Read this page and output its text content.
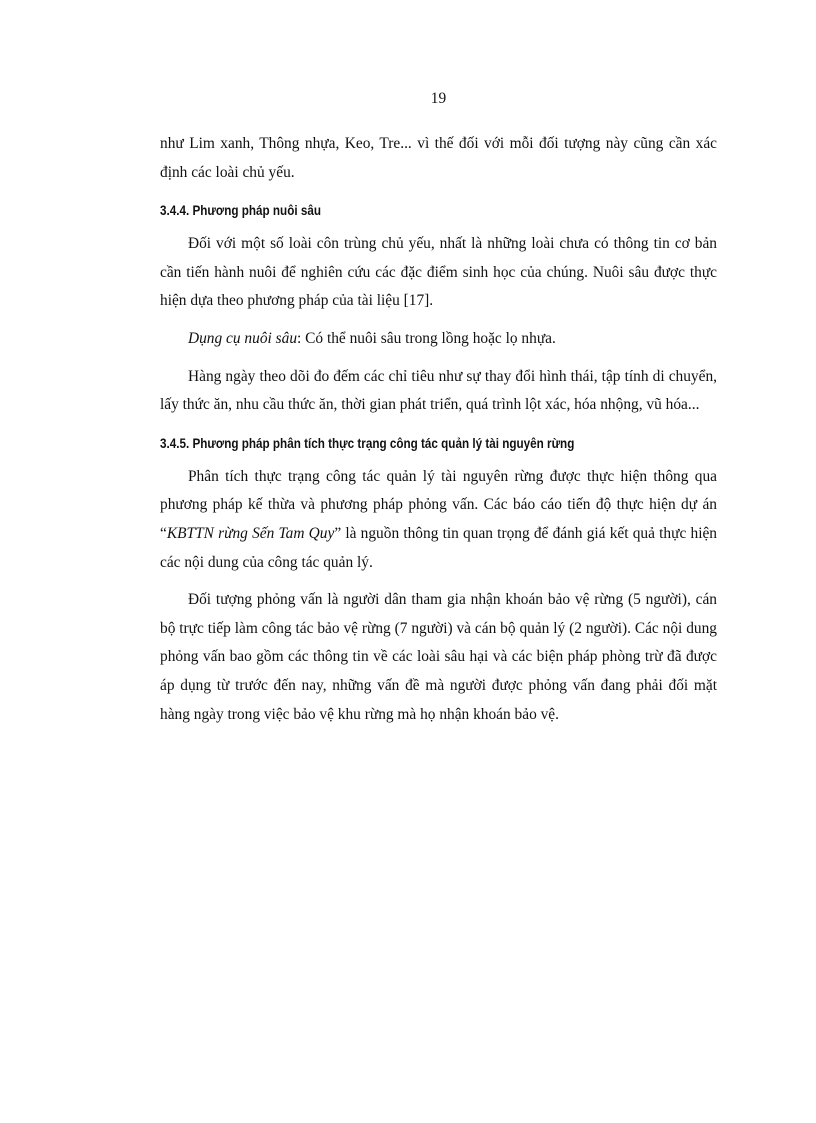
19

như Lim xanh, Thông nhựa, Keo, Tre... vì thế đối với mỗi đối tượng này cũng cần xác định các loài chủ yếu.

3.4.4. Phương pháp nuôi sâu

Đối với một số loài côn trùng chủ yếu, nhất là những loài chưa có thông tin cơ bản cần tiến hành nuôi để nghiên cứu các đặc điểm sinh học của chúng. Nuôi sâu được thực hiện dựa theo phương pháp của tài liệu [17].

Dụng cụ nuôi sâu: Có thể nuôi sâu trong lồng hoặc lọ nhựa.

Hàng ngày theo dõi đo đếm các chỉ tiêu như sự thay đổi hình thái, tập tính di chuyển, lấy thức ăn, nhu cầu thức ăn, thời gian phát triển, quá trình lột xác, hóa nhộng, vũ hóa...

3.4.5. Phương pháp phân tích thực trạng công tác quản lý tài nguyên rừng

Phân tích thực trạng công tác quản lý tài nguyên rừng được thực hiện thông qua phương pháp kế thừa và phương pháp phỏng vấn. Các báo cáo tiến độ thực hiện dự án “KBTTN rừng Sến Tam Quy” là nguồn thông tin quan trọng để đánh giá kết quả thực hiện các nội dung của công tác quản lý.

Đối tượng phỏng vấn là người dân tham gia nhận khoán bảo vệ rừng (5 người), cán bộ trực tiếp làm công tác bảo vệ rừng (7 người) và cán bộ quản lý (2 người). Các nội dung phỏng vấn bao gồm các thông tin về các loài sâu hại và các biện pháp phòng trừ đã được áp dụng từ trước đến nay, những vấn đề mà người được phỏng vấn đang phải đối mặt hàng ngày trong việc bảo vệ khu rừng mà họ nhận khoán bảo vệ.
